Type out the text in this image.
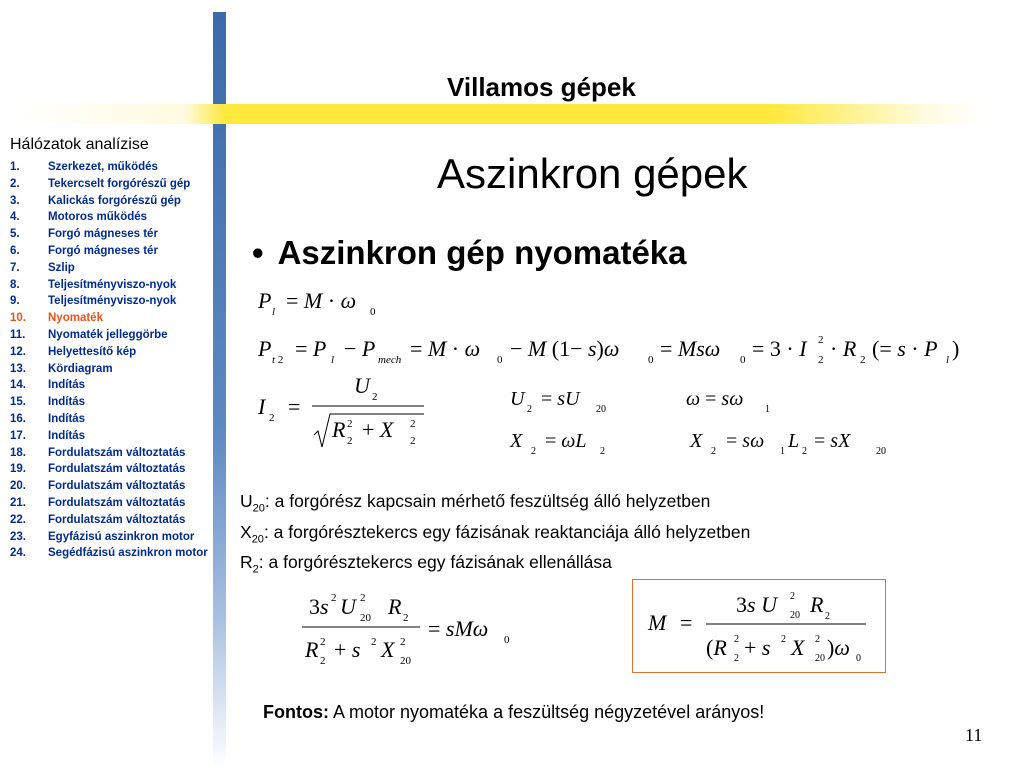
Villamos gépek
Hálózatok analízise
1.	Szerkezet, működés
2.	Tekercselt forgórészű gép
3.	Kalickás forgórészű gép
4.	Motoros működés
5.	Forgó mágneses tér
6.	Forgó mágneses tér
7.	Szlip
8.	Teljesítményviszo-nyok
9.	Teljesítményviszo-nyok
10.	Nyomaték
11.	Nyomaték jelleggörbe
12.	Helyettesítő kép
13.	Kördiagram
14.	Indítás
15.	Indítás
16.	Indítás
17.	Indítás
18.	Fordulatszám változtatás
19.	Fordulatszám változtatás
20.	Fordulatszám változtatás
21.	Fordulatszám változtatás
22.	Fordulatszám változtatás
23.	Egyfázisú aszinkron motor
24.	Segédfázisú aszinkron motor
Aszinkron gépek
• Aszinkron gép nyomatéka
P l = M · ω 0
P t 2 = P l − P mech = M · ω 0 − M (1− s)ω	0 = Msω 0 = 3 · I 2
2 · R 2 (= s · P l )
I 2 =
U 2
R 2
2 + X 2
2
U 2 = sU 20
X 2 = ωL 2
ω = sω 1
X 2 = sω 1 L 2 = sX	20
3s 2 U 2
20 R 2
R 2
2 + s 2 X 2
20
= sMω 0
M =
3s U 2
20 R 2
(R 2
2 + s 2 X 2
20 )ω 0
$U_{20}$: a forgórész kapcsain mérhető feszültség álló helyzetben
$X_{20}$: a forgórésztekercs egy fázisának reaktanciája álló helyzetben
$R_2$: a forgórésztekercs egy fázisának ellenállása
Fontos: A motor nyomatéka a feszültség négyzetével arányos!
11
